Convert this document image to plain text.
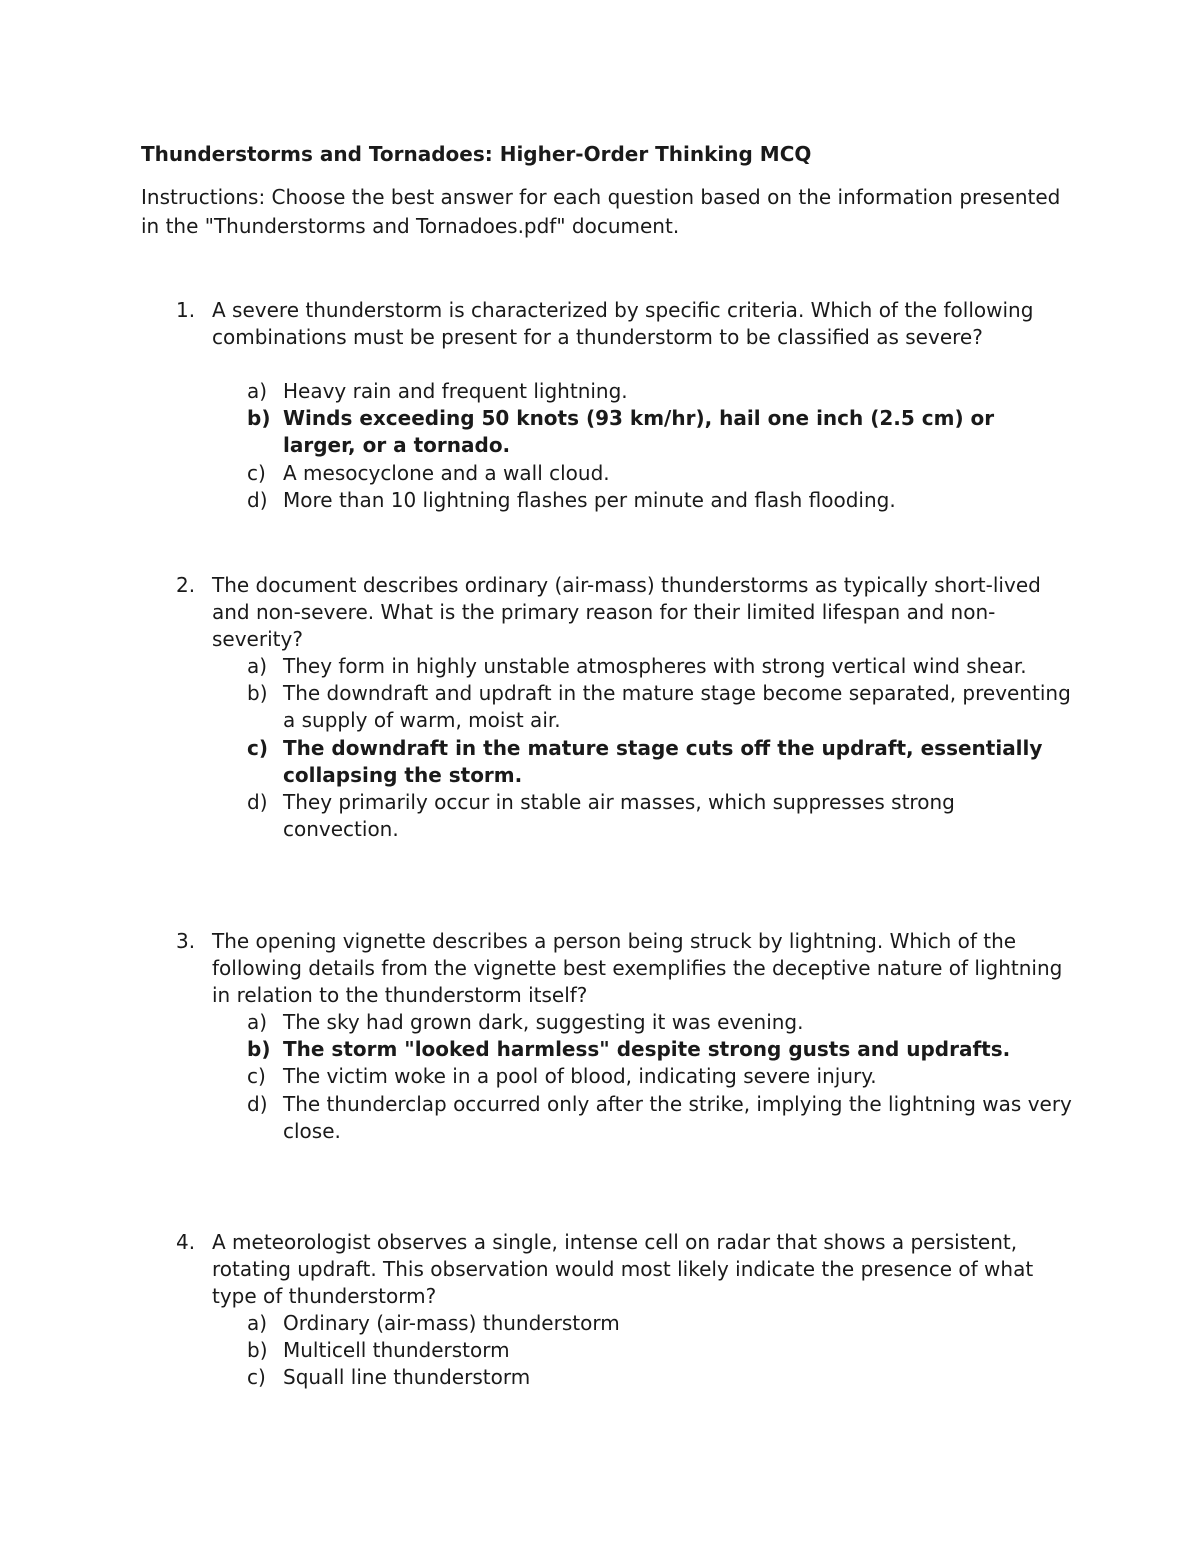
Thunderstorms and Tornadoes: Higher-Order Thinking MCQ

Instructions: Choose the best answer for each question based on the information presented in the "Thunderstorms and Tornadoes.pdf" document.

1. A severe thunderstorm is characterized by specific criteria. Which of the following combinations must be present for a thunderstorm to be classified as severe?

a) Heavy rain and frequent lightning.
b) Winds exceeding 50 knots (93 km/hr), hail one inch (2.5 cm) or larger, or a tornado.
c) A mesocyclone and a wall cloud.
d) More than 10 lightning flashes per minute and flash flooding.
2. The document describes ordinary (air-mass) thunderstorms as typically short-lived and non-severe. What is the primary reason for their limited lifespan and non-severity?

a) They form in highly unstable atmospheres with strong vertical wind shear.
b) The downdraft and updraft in the mature stage become separated, preventing a supply of warm, moist air.
c) The downdraft in the mature stage cuts off the updraft, essentially collapsing the storm.
d) They primarily occur in stable air masses, which suppresses strong convection.
3. The opening vignette describes a person being struck by lightning. Which of the following details from the vignette best exemplifies the deceptive nature of lightning in relation to the thunderstorm itself?

a) The sky had grown dark, suggesting it was evening.
b) The storm "looked harmless" despite strong gusts and updrafts.
c) The victim woke in a pool of blood, indicating severe injury.
d) The thunderclap occurred only after the strike, implying the lightning was very close.
4. A meteorologist observes a single, intense cell on radar that shows a persistent, rotating updraft. This observation would most likely indicate the presence of what type of thunderstorm?

a) Ordinary (air-mass) thunderstorm
b) Multicell thunderstorm
c) Squall line thunderstorm
